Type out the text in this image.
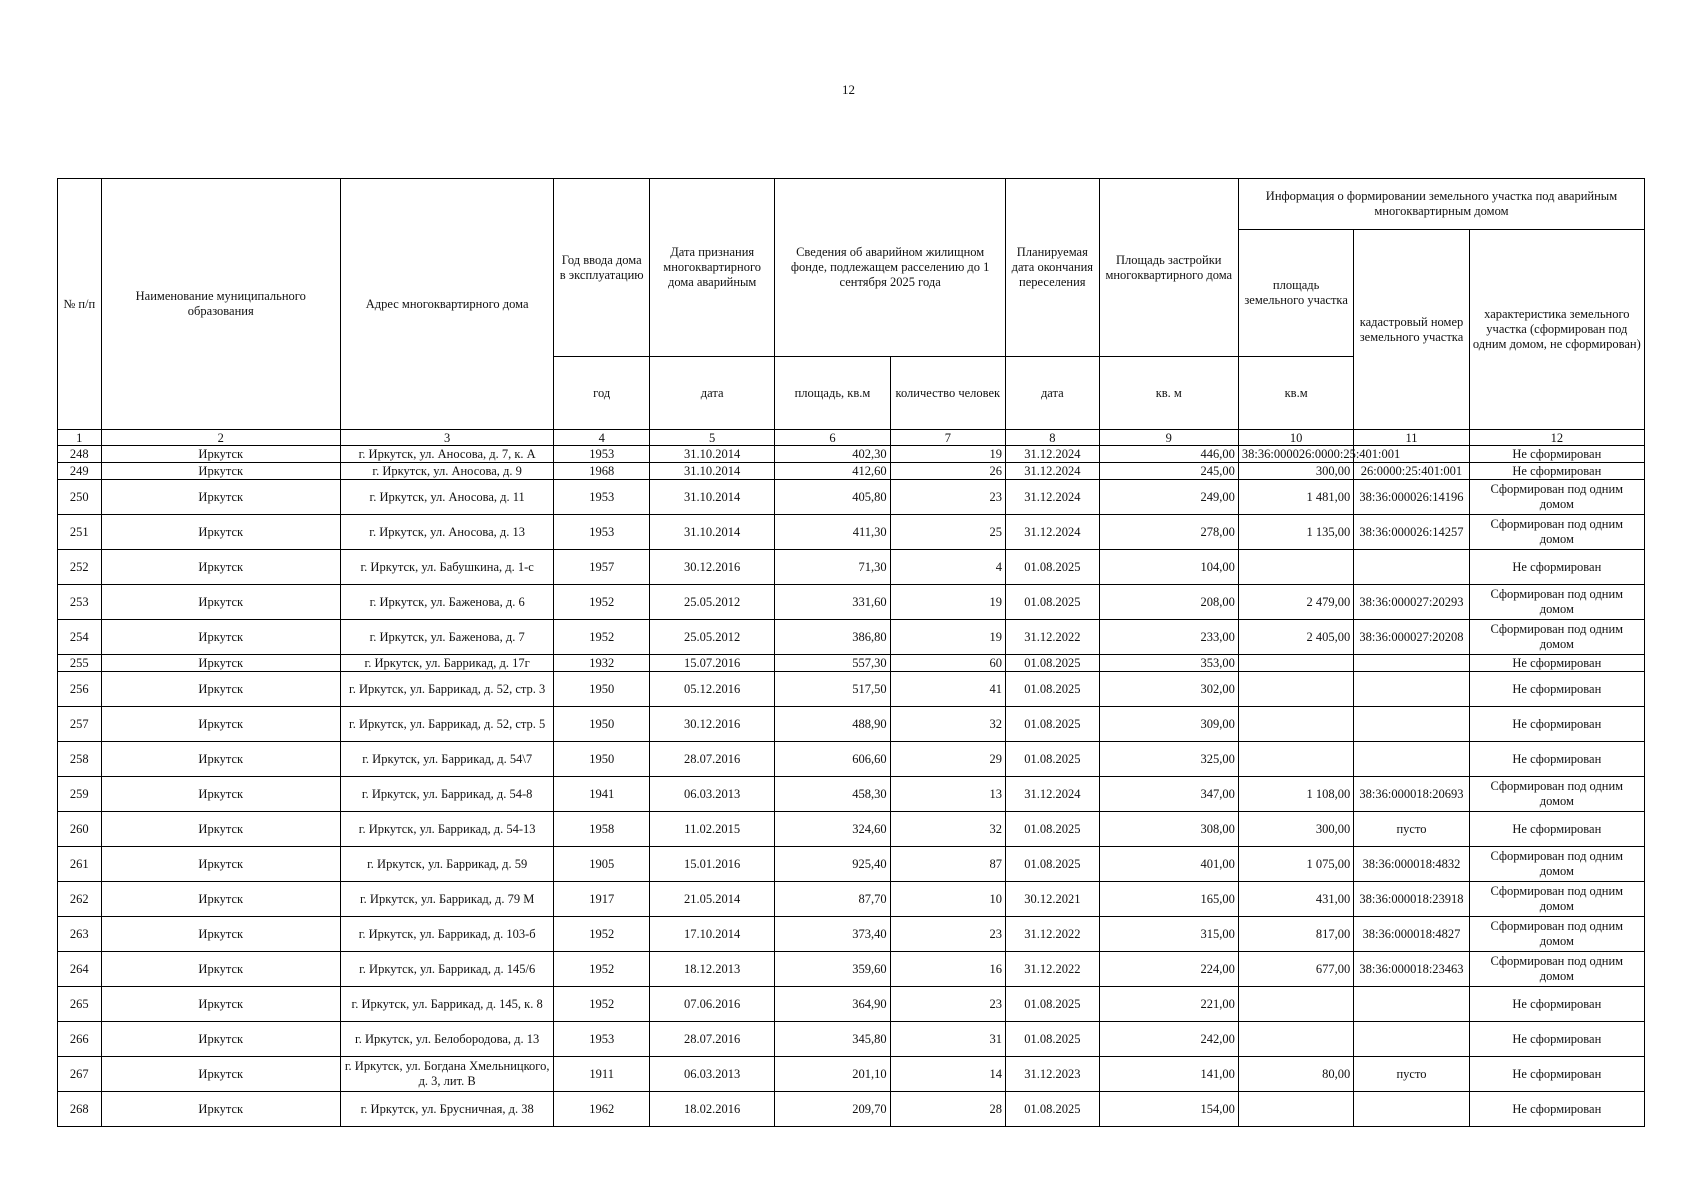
12
№ п/п	Наименование муниципального образования	Адрес многоквартирного дома	Год ввода дома в эксплуатацию	Дата признания многоквартирного дома аварийным	Сведения об аварийном жилищном фонде, подлежащем расселению до 1 сентября 2025 года		Планируемая дата окончания переселения	Площадь застройки многоквартирного дома	Информация о формировании земельного участка под аварийным многоквартирным домом		
									площадь земельного участка	кадастровый номер земельного участка	характеристика земельного участка (сформирован под одним домом, не сформирован)
			год	дата	площадь, кв.м	количество человек	дата	кв. м	кв.м		
1	2	3	4	5	6	7	8	9	10	11	12
248	Иркутск	г. Иркутск, ул. Аносова, д. 7, к. А	1953	31.10.2014	402,30	19	31.12.2024	446,00	38:36:000026:0000:25:401:001		Не сформирован
249	Иркутск	г. Иркутск, ул. Аносова, д. 9	1968	31.10.2014	412,60	26	31.12.2024	245,00	300,00	26:0000:25:401:001	Не сформирован
250	Иркутск	г. Иркутск, ул. Аносова, д. 11	1953	31.10.2014	405,80	23	31.12.2024	249,00	1 481,00	38:36:000026:14196	Сформирован под одним домом
251	Иркутск	г. Иркутск, ул. Аносова, д. 13	1953	31.10.2014	411,30	25	31.12.2024	278,00	1 135,00	38:36:000026:14257	Сформирован под одним домом
252	Иркутск	г. Иркутск, ул. Бабушкина, д. 1-с	1957	30.12.2016	71,30	4	01.08.2025	104,00			Не сформирован
253	Иркутск	г. Иркутск, ул. Баженова, д. 6	1952	25.05.2012	331,60	19	01.08.2025	208,00	2 479,00	38:36:000027:20293	Сформирован под одним домом
254	Иркутск	г. Иркутск, ул. Баженова, д. 7	1952	25.05.2012	386,80	19	31.12.2022	233,00	2 405,00	38:36:000027:20208	Сформирован под одним домом
255	Иркутск	г. Иркутск, ул. Баррикад, д. 17г	1932	15.07.2016	557,30	60	01.08.2025	353,00			Не сформирован
256	Иркутск	г. Иркутск, ул. Баррикад, д. 52, стр. 3	1950	05.12.2016	517,50	41	01.08.2025	302,00			Не сформирован
257	Иркутск	г. Иркутск, ул. Баррикад, д. 52, стр. 5	1950	30.12.2016	488,90	32	01.08.2025	309,00			Не сформирован
258	Иркутск	г. Иркутск, ул. Баррикад, д. 54\7	1950	28.07.2016	606,60	29	01.08.2025	325,00			Не сформирован
259	Иркутск	г. Иркутск, ул. Баррикад, д. 54-8	1941	06.03.2013	458,30	13	31.12.2024	347,00	1 108,00	38:36:000018:20693	Сформирован под одним домом
260	Иркутск	г. Иркутск, ул. Баррикад, д. 54-13	1958	11.02.2015	324,60	32	01.08.2025	308,00	300,00	пусто	Не сформирован
261	Иркутск	г. Иркутск, ул. Баррикад, д. 59	1905	15.01.2016	925,40	87	01.08.2025	401,00	1 075,00	38:36:000018:4832	Сформирован под одним домом
262	Иркутск	г. Иркутск, ул. Баррикад, д. 79 М	1917	21.05.2014	87,70	10	30.12.2021	165,00	431,00	38:36:000018:23918	Сформирован под одним домом
263	Иркутск	г. Иркутск, ул. Баррикад, д. 103-б	1952	17.10.2014	373,40	23	31.12.2022	315,00	817,00	38:36:000018:4827	Сформирован под одним домом
264	Иркутск	г. Иркутск, ул. Баррикад, д. 145/6	1952	18.12.2013	359,60	16	31.12.2022	224,00	677,00	38:36:000018:23463	Сформирован под одним домом
265	Иркутск	г. Иркутск, ул. Баррикад, д. 145, к. 8	1952	07.06.2016	364,90	23	01.08.2025	221,00			Не сформирован
266	Иркутск	г. Иркутск, ул. Белобородова, д. 13	1953	28.07.2016	345,80	31	01.08.2025	242,00			Не сформирован
267	Иркутск	г. Иркутск, ул. Богдана Хмельницкого, д. 3, лит. В	1911	06.03.2013	201,10	14	31.12.2023	141,00	80,00	пусто	Не сформирован
268	Иркутск	г. Иркутск, ул. Брусничная, д. 38	1962	18.02.2016	209,70	28	01.08.2025	154,00			Не сформирован
